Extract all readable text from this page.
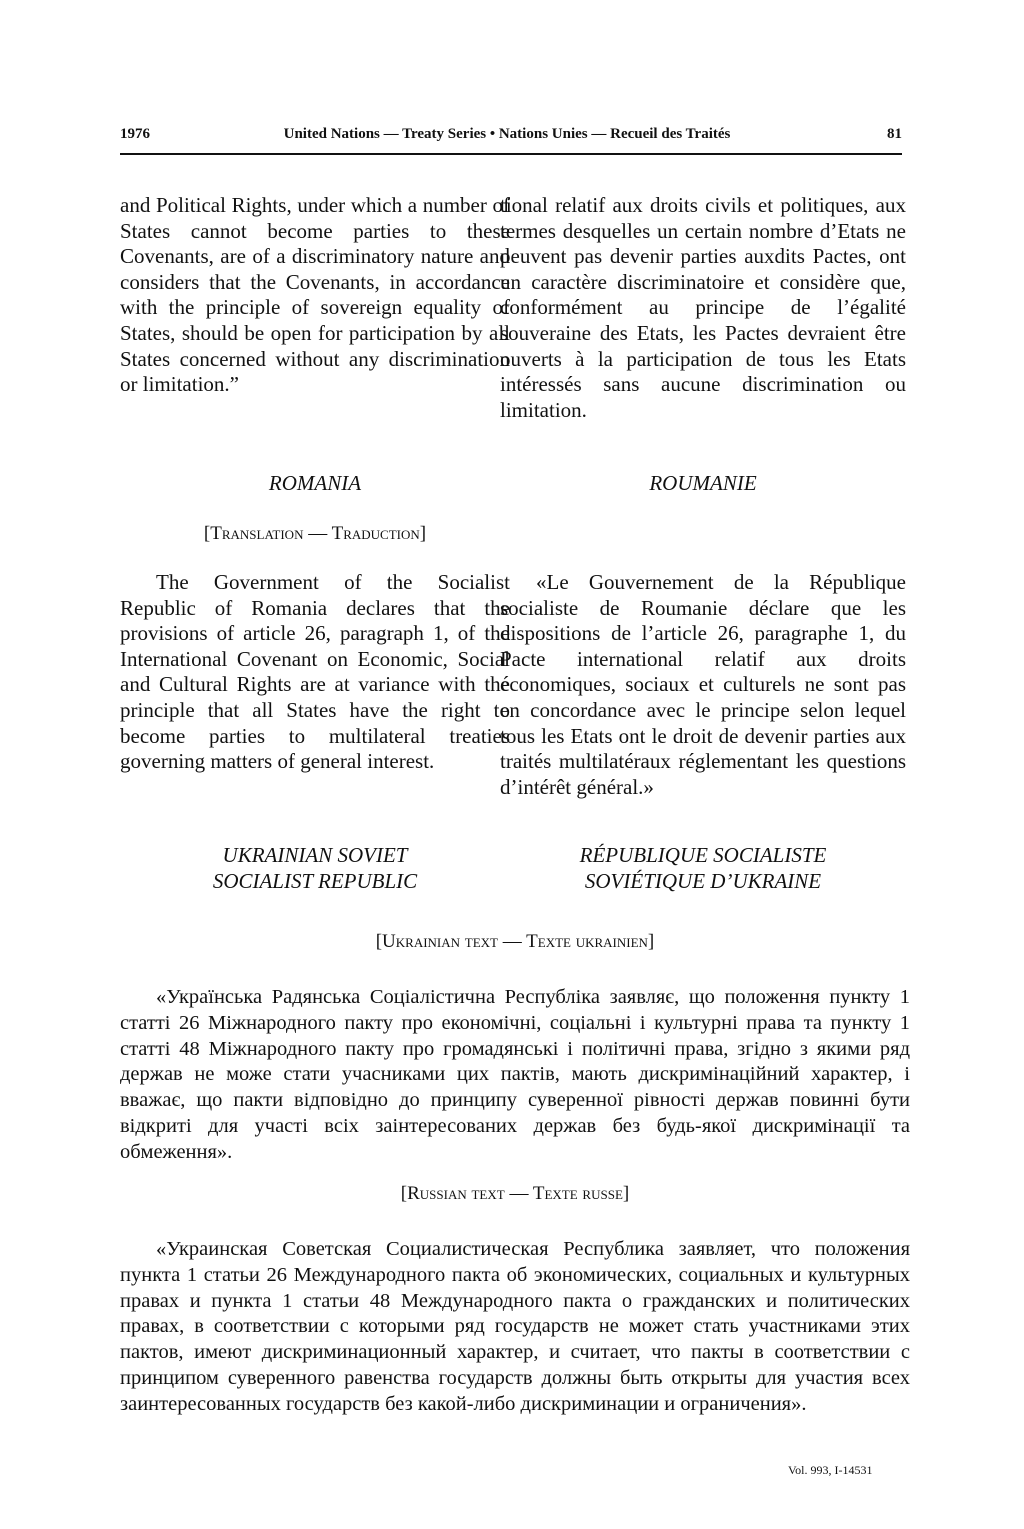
1976	United Nations — Treaty Series • Nations Unies — Recueil des Traités	81
and Political Rights, under which a number of States cannot become parties to these Covenants, are of a discriminatory nature and considers that the Covenants, in accordance with the principle of sovereign equality of States, should be open for participation by all States concerned without any discrimination or limitation.”
tional relatif aux droits civils et politiques, aux termes desquelles un certain nombre d’Etats ne peuvent pas devenir parties auxdits Pactes, ont un caractère discriminatoire et considère que, conformément au principe de l’égalité souveraine des Etats, les Pactes devraient être ouverts à la participation de tous les Etats intéressés sans aucune discrimination ou limitation.
ROMANIA	ROUMANIE
[Translation — Traduction]
The Government of the Socialist Republic of Romania declares that the provisions of article 26, paragraph 1, of the International Covenant on Economic, Social and Cultural Rights are at variance with the principle that all States have the right to become parties to multilateral treaties governing matters of general interest.
«Le Gouvernement de la République socialiste de Roumanie déclare que les dispositions de l’article 26, paragraphe 1, du Pacte international relatif aux droits économiques, sociaux et culturels ne sont pas en concordance avec le principe selon lequel tous les Etats ont le droit de devenir parties aux traités multilatéraux réglementant les questions d’intérêt général.»
UKRAINIAN SOVIET
SOCIALIST REPUBLIC
RÉPUBLIQUE SOCIALISTE
SOVIÉTIQUE D’UKRAINE
[Ukrainian text — Texte ukrainien]
«Українська Радянська Соціалістична Республіка заявляє, що положення пункту 1 статті 26 Міжнародного пакту про економічні, соціальні і культурні права та пункту 1 статті 48 Міжнародного пакту про громадянські і політичні права, згідно з якими ряд держав не може стати учасниками цих пактів, мають дискримінаційний характер, і вважає, що пакти відповідно до принципу суверенної рівності держав повинні бути відкриті для участі всіх заінтересованих держав без будь-якої дискримінації та обмеження».
[Russian text — Texte russe]
«Украинская Советская Социалистическая Республика заявляет, что положения пункта 1 статьи 26 Международного пакта об экономических, социальных и культурных правах и пункта 1 статьи 48 Международного пакта о гражданских и политических правах, в соответствии с которыми ряд государств не может стать участниками этих пактов, имеют дискриминационный характер, и считает, что пакты в соответствии с принципом суверенного равенства государств должны быть открыты для участия всех заинтересованных государств без какой-либо дискриминации и ограничения».
Vol. 993, I-14531
